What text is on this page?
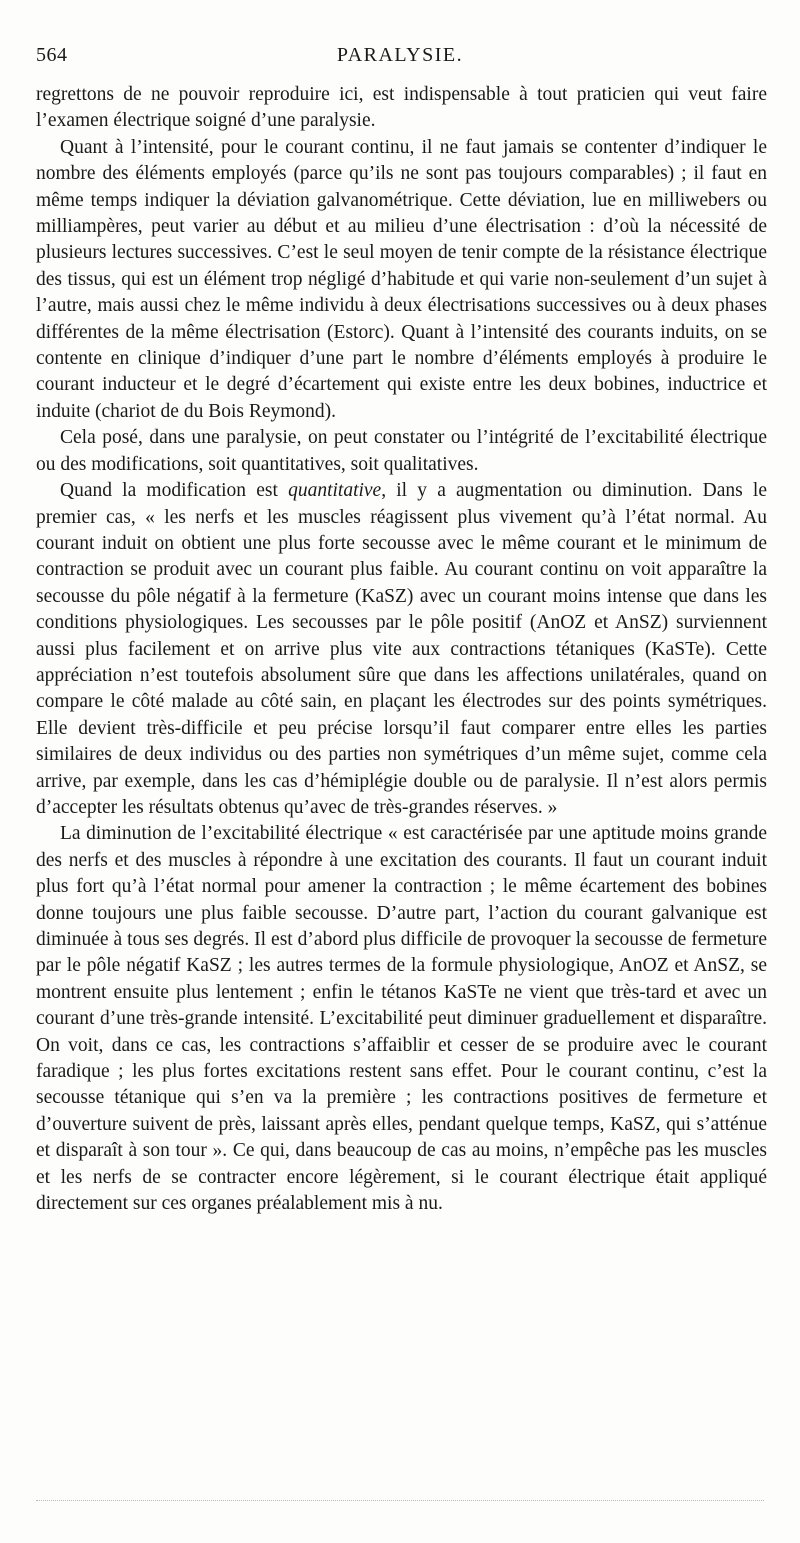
564	PARALYSIE.

regrettons de ne pouvoir reproduire ici, est indispensable à tout praticien qui veut faire l’examen électrique soigné d’une paralysie.

Quant à l’intensité, pour le courant continu, il ne faut jamais se contenter d’indiquer le nombre des éléments employés (parce qu’ils ne sont pas toujours comparables) ; il faut en même temps indiquer la déviation galvanométrique. Cette déviation, lue en milliwebers ou milliampères, peut varier au début et au milieu d’une électrisation : d’où la nécessité de plusieurs lectures successives. C’est le seul moyen de tenir compte de la résistance électrique des tissus, qui est un élément trop négligé d’habitude et qui varie non-seulement d’un sujet à l’autre, mais aussi chez le même individu à deux électrisations successives ou à deux phases différentes de la même électrisation (Estorc). Quant à l’intensité des courants induits, on se contente en clinique d’indiquer d’une part le nombre d’éléments employés à produire le courant inducteur et le degré d’écartement qui existe entre les deux bobines, inductrice et induite (chariot de du Bois Reymond).

Cela posé, dans une paralysie, on peut constater ou l’intégrité de l’excitabilité électrique ou des modifications, soit quantitatives, soit qualitatives.

Quand la modification est quantitative, il y a augmentation ou diminution. Dans le premier cas, « les nerfs et les muscles réagissent plus vivement qu’à l’état normal. Au courant induit on obtient une plus forte secousse avec le même courant et le minimum de contraction se produit avec un courant plus faible. Au courant continu on voit apparaître la secousse du pôle négatif à la fermeture (KaSZ) avec un courant moins intense que dans les conditions physiologiques. Les secousses par le pôle positif (AnOZ et AnSZ) surviennent aussi plus facilement et on arrive plus vite aux contractions tétaniques (KaSTe). Cette appréciation n’est toutefois absolument sûre que dans les affections unilatérales, quand on compare le côté malade au côté sain, en plaçant les électrodes sur des points symétriques. Elle devient très-difficile et peu précise lorsqu’il faut comparer entre elles les parties similaires de deux individus ou des parties non symétriques d’un même sujet, comme cela arrive, par exemple, dans les cas d’hémiplégie double ou de paralysie. Il n’est alors permis d’accepter les résultats obtenus qu’avec de très-grandes réserves. »

La diminution de l’excitabilité électrique « est caractérisée par une aptitude moins grande des nerfs et des muscles à répondre à une excitation des courants. Il faut un courant induit plus fort qu’à l’état normal pour amener la contraction ; le même écartement des bobines donne toujours une plus faible secousse. D’autre part, l’action du courant galvanique est diminuée à tous ses degrés. Il est d’abord plus difficile de provoquer la secousse de fermeture par le pôle négatif KaSZ ; les autres termes de la formule physiologique, AnOZ et AnSZ, se montrent ensuite plus lentement ; enfin le tétanos KaSTe ne vient que très-tard et avec un courant d’une très-grande intensité. L’excitabilité peut diminuer graduellement et disparaître. On voit, dans ce cas, les contractions s’affaiblir et cesser de se produire avec le courant faradique ; les plus fortes excitations restent sans effet. Pour le courant continu, c’est la secousse tétanique qui s’en va la première ; les contractions positives de fermeture et d’ouverture suivent de près, laissant après elles, pendant quelque temps, KaSZ, qui s’atténue et disparaît à son tour ». Ce qui, dans beaucoup de cas au moins, n’empêche pas les muscles et les nerfs de se contracter encore légèrement, si le courant électrique était appliqué directement sur ces organes préalablement mis à nu.
